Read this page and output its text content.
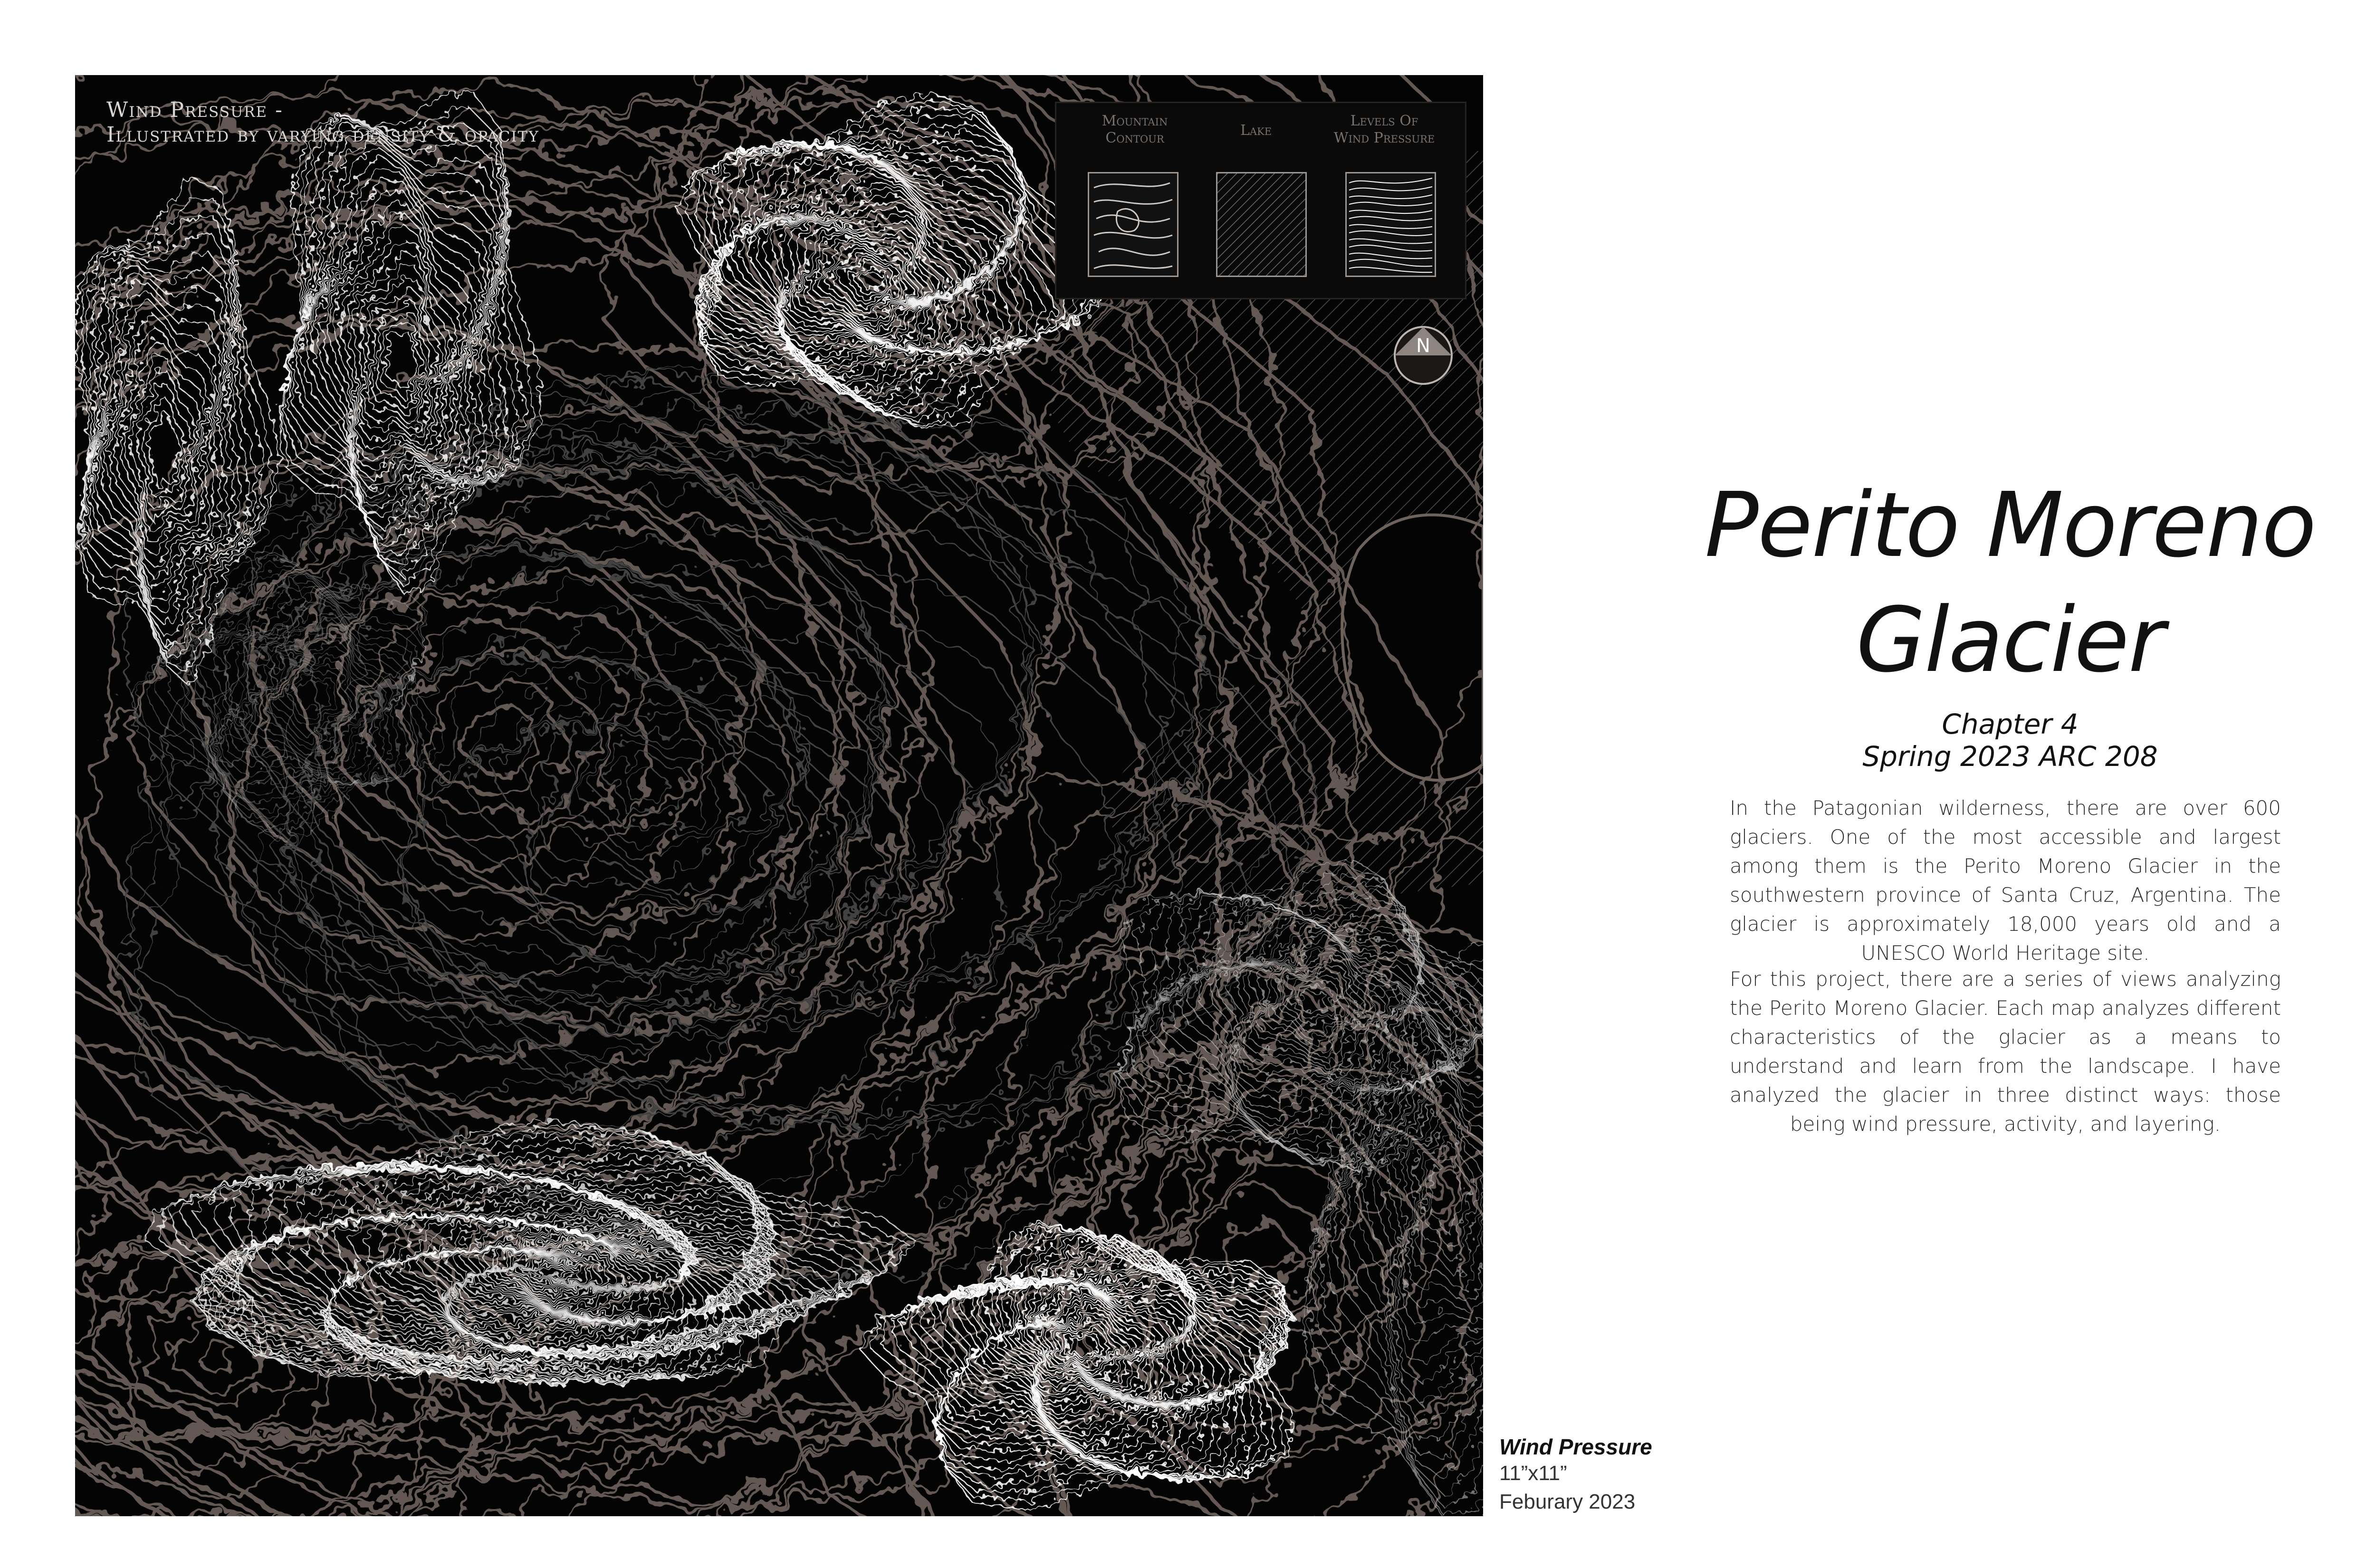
Wind Pressure -
Illustrated by varying density & opacity
Mountain
Contour	Lake
Levels Of
Wind Pressure
N
Perito Moreno
Glacier
Chapter 4
Spring 2023 ARC 208
In the Patagonian wilderness, there are over 600 glaciers. One of the most accessible and largest among them is the Perito Moreno Glacier in the southwestern province of Santa Cruz, Argentina. The glacier is approximately 18,000 years old and a UNESCO World Heritage site.
For this project, there are a series of views analyzing the Perito Moreno Glacier. Each map analyzes different characteristics of the glacier as a means to understand and learn from the landscape. I have analyzed the glacier in three distinct ways: those being wind pressure, activity, and layering.
Wind Pressure
11”x11”
Feburary 2023
